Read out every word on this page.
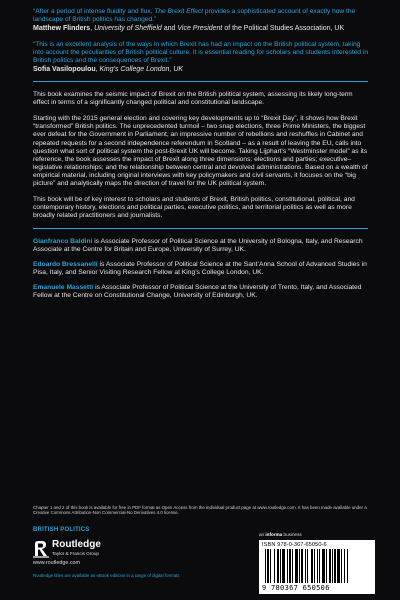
“After a period of intense fluidity and flux, The Brexit Effect provides a sophisticated account of exactly how the landscape of British politics has changed.”
Matthew Flinders, University of Sheffield and Vice President of the Political Studies Association, UK
“This is an excellent analysis of the ways in which Brexit has had an impact on the British political system, taking into account the peculiarities of British political culture. It is essential reading for scholars and students interested in British politics and the consequences of Brexit.”
Sofia Vasilopoulou, King’s College London, UK

This book examines the seismic impact of Brexit on the British political system, assessing its likely long-term effect in terms of a significantly changed political and constitutional landscape.

Starting with the 2015 general election and covering key developments up to “Brexit Day”, it shows how Brexit “transformed” British politics. The unprecedented turmoil – two snap elections, three Prime Ministers, the biggest ever defeat for the Government in Parliament, an impressive number of rebellions and reshuffles in Cabinet and repeated requests for a second independence referendum in Scotland – as a result of leaving the EU, calls into question what sort of political system the post-Brexit UK will become. Taking Lijphart’s “Westminster model” as its reference, the book assesses the impact of Brexit along three dimensions: elections and parties; executive–legislative relationships; and the relationship between central and devolved administrations. Based on a wealth of empirical material, including original interviews with key policymakers and civil servants, it focuses on the “big picture” and analytically maps the direction of travel for the UK political system.

This book will be of key interest to scholars and students of Brexit, British politics, constitutional, political, and contemporary history, elections and political parties, executive politics, and territorial politics as well as more broadly related practitioners and journalists.

Gianfranco Baldini is Associate Professor of Political Science at the University of Bologna, Italy, and Research Associate at the Centre for Britain and Europe, University of Surrey, UK.

Edoardo Bressanelli is Associate Professor of Political Science at the Sant’Anna School of Advanced Studies in Pisa, Italy, and Senior Visiting Research Fellow at King’s College London, UK.

Emanuele Massetti is Associate Professor of Political Science at the University of Trento, Italy, and Associated Fellow at the Centre on Constitutional Change, University of Edinburgh, UK.

Chapter 1 and 2 of this book is available for free in PDF format as Open Access from the individual product page at www.routledge.com. It has been made available under a Creative Commons Attribution-Non Commercial-No Derivatives 4.0 license.
BRITISH POLITICS
Routledge
Taylor & Francis Group
www.routledge.com
Routledge titles are available as eBook editions in a range of digital formats
an informa business
ISBN 978-0-367-65050-6
9 780367 650506
